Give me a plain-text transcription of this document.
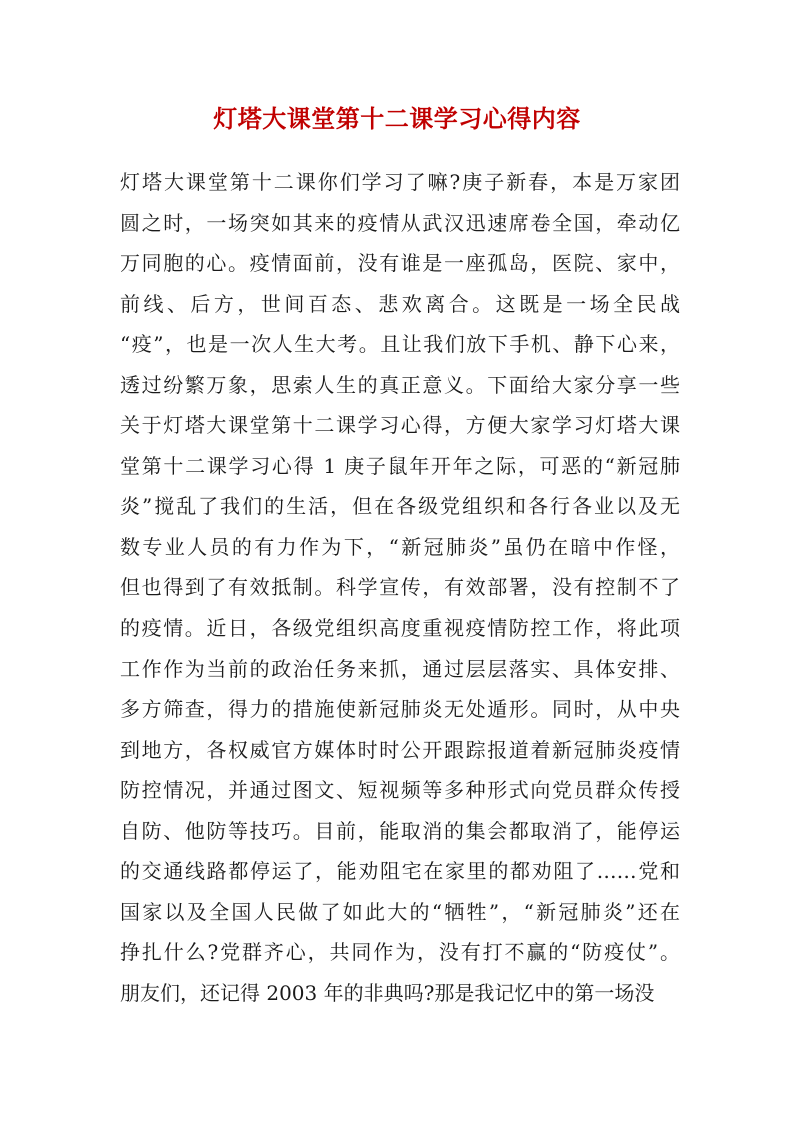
灯塔大课堂第十二课学习心得内容
灯塔大课堂第十二课你们学习了嘛?庚子新春，本是万家团
圆之时，一场突如其来的疫情从武汉迅速席卷全国，牵动亿
万同胞的心。疫情面前，没有谁是一座孤岛，医院、家中，
前线、后方，世间百态、悲欢离合。这既是一场全民战
“疫”，也是一次人生大考。且让我们放下手机、静下心来，
透过纷繁万象，思索人生的真正意义。下面给大家分享一些
关于灯塔大课堂第十二课学习心得，方便大家学习灯塔大课
堂第十二课学习心得 1 庚子鼠年开年之际，可恶的“新冠肺
炎”搅乱了我们的生活，但在各级党组织和各行各业以及无
数专业人员的有力作为下，“新冠肺炎”虽仍在暗中作怪，
但也得到了有效抵制。科学宣传，有效部署，没有控制不了
的疫情。近日，各级党组织高度重视疫情防控工作，将此项
工作作为当前的政治任务来抓，通过层层落实、具体安排、
多方筛查，得力的措施使新冠肺炎无处遁形。同时，从中央
到地方，各权威官方媒体时时公开跟踪报道着新冠肺炎疫情
防控情况，并通过图文、短视频等多种形式向党员群众传授
自防、他防等技巧。目前，能取消的集会都取消了，能停运
的交通线路都停运了，能劝阻宅在家里的都劝阻了……党和
国家以及全国人民做了如此大的“牺牲”，“新冠肺炎”还在
挣扎什么?党群齐心，共同作为，没有打不赢的“防疫仗”。
朋友们，还记得 2003 年的非典吗?那是我记忆中的第一场没
